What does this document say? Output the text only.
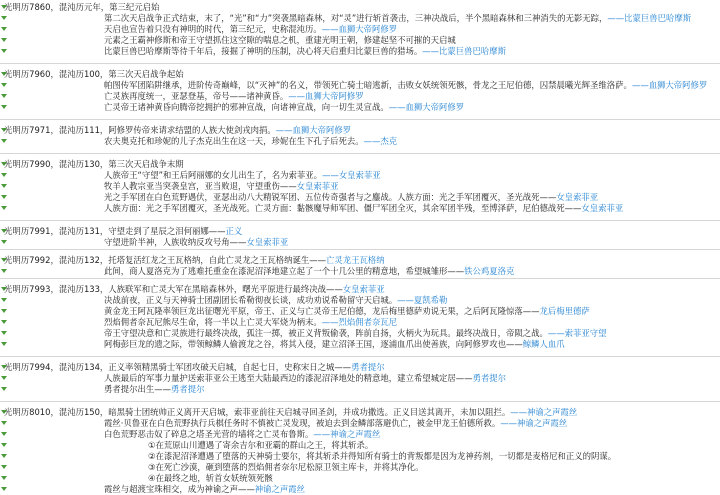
光明历7860，混沌历元年，第三纪元启始
第二次天启战争正式结束，末了，“光”和“力”突袭黑暗森林，对“灵”进行斩首袭击，三神决战后，半个黑暗森林和三神消失的无影无踪，——比蒙巨兽巴哈摩斯
天启也宣告着只没有神明的时代，第三纪元，史称混沌历。——血狮大帝阿修罗
元素之王霸神修斯和帝王守望抓住这空隙的喘息之机，重建光明王朝，修建起坚不可摧的天启城
比蒙巨兽巴哈摩斯等待千年后，接掘了神明的压制，决心将天启重归比蒙巨兽的猎场。——比蒙巨兽巴哈摩斯
光明历7960，混沌历100，第三次天启战争起始
帕图传军团陷阱继承，进阶传奇巅峰，以“灭神”的名义，带领死亡骑士暗逃新，击败女妖统领死骸，骨龙之王尼伯德，囚禁晨曦光辉圣维洛萨。——血狮大帝阿修罗
亡灵族再度统一，亚瑟登基，帝号——诸神黄昏。——血狮大帝阿修罗
亡灵帝王诸神黄昏向腾帝挖拥护的邪神宣战，向诸神宣战，向一切生灵宣战。——血狮大帝阿修罗
光明历7971，混沌历111，阿修罗传帝来请求结盟的人族大使剑戎肉捐。——血狮大帝阿修罗
农夫奥克托和珍妮的儿子杰克出生在这一天，珍妮在生下孔子后死去。——杰克
光明历7990，混沌历130，第三次天启战争末期
人族帝王“守望”和王后阿丽娜的女儿出生了，名为索菲亚。——女皇索菲亚
牧羊人教宗亚当突袭皇宫，亚当败退，守望重伤——女皇索菲亚
光之手军团在白色荒野遇伏，亚瑟出动八大精锐军团、五位传奇强者与之鏖战。人族方面：光之手军团覆灭，圣光战死——女皇索菲亚
人族方面：光之手军团覆灭，圣光战死。亡灵方面：黏骸魔导师军团、僵尸军团全灭，其余军团半残，至博泽萨，尼伯德战死——女皇索菲亚
光明历7991，混沌历131，守望走到了星辰之泪何丽娜——正义
守望进阶半神，人族收纳反攻号角——女皇索菲亚
光明历7992，混沌历132，托塔复活红龙之王瓦格纳，自此亡灵龙之王瓦格纳诞生——亡灵龙王瓦格纳
此间，商人夏洛克为了逃难托重金在漆泥沼泽地建立起了一个十几公里的精意地，希望城雏形——铁公鸡夏洛克
光明历7993，混沌历133，人族联军和亡灵大军在黑暗森林外，曙光平原进行最终决战——女皇索菲亚
决战前夜，正义与天神骑士团副团长希勒彻夜长谈，成功劝说希勒留守天启城。——夏凯希勒
黄金龙王阿瓦隆率领巨龙出征曙光平原，帝王、正义与亡灵帝王尼伯德，龙后梅里德萨劝说无果，之后阿瓦隆惊落——龙后梅里德萨
烈焰佣者奈瓦尼熊尽生命，将一半以上亡灵大军烧为柄末。——烈焰佣者奈瓦尼
帝王守望决意和亡灵族进行最终决战，孤注一掷，被正义背叛偷袭，阵前自扬，火柄火为玩具。最终决战日，帝陨之战。——索菲亚守望
阿梅彭巨龙的遗之际，带领鲸鳞人偷渡龙之谷，将其入侵，建立沼泽王国，逐浦血爪出使善族，向阿修罗攻也——鲸鳞人血爪
光明历7994，混沌历134，正义率领精黑骑士军团攻破天启城，自起七日，史称宋日之城——勇者提尔
人族最后的军事力量护送索菲亚公王逃至大陆最西边的漆泥沼泽地处的精意地，建立希望城定居——勇者提尔
勇者提尔出生——勇者提尔
光明历8010，混沌历150，暗黑骑士团统帅正义离开天启城，索菲亚前往天启城寻回圣剑，并成功撒选。正义目送其离开，未加以阻拦。——神谕之声霞丝
霞丝·贝鲁亚在白色荒野执行兵棋任务时不慎被亡灵发现，被迫去到金鳞部落避仇亡，被金甲龙王伯德所救。——神谕之声霞丝
白色荒野恶击奴了碎息之塔圣光营的墙将之亡灵布鲁斯。——神谕之声霞丝
①在荒原山川遭遇了寄余吉尔和亚霸的群山之王，将其斩杀。
②在漆泥沼泽遭遇了堕落的天神骑士要尔，将其斩杀并得知所有骑士的背叛都是因为龙神药剂，一切都是麦格尼和正义的阴谋。
③在死亡沙漠，砸到堕落的烈焰佣者奈尔尼松原卫领主库卡，并将其净化。
④在最终之地，斩首女妖统领死骸
霞丝与超渡宝珠相交，成为神谕之声——神谕之声霞丝
